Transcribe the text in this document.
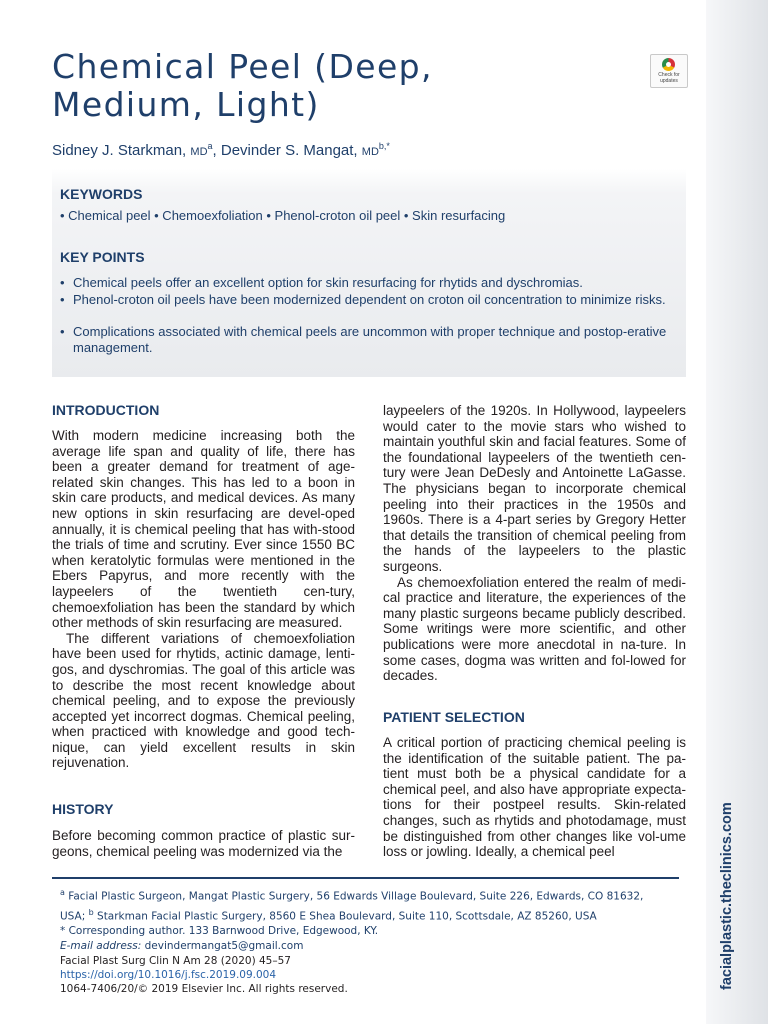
facialplastic.theclinics.com
Chemical Peel (Deep,
Medium, Light)
Check for updates
Sidney J. Starkman, $MD^a$, Devinder S. Mangat, $MD^{b,*}$
KEYWORDS
• Chemical peel • Chemoexfoliation • Phenol-croton oil peel • Skin resurfacing
KEY POINTS
• Chemical peels offer an excellent option for skin resurfacing for rhytids and dyschromias.
• Phenol-croton oil peels have been modernized dependent on croton oil concentration to minimize risks.
• Complications associated with chemical peels are uncommon with proper technique and postop-erative management.
INTRODUCTION

With modern medicine increasing both the average life span and quality of life, there has been a greater demand for treatment of age-related skin changes. This has led to a boon in skin care products, and medical devices. As many new options in skin resurfacing are devel-oped annually, it is chemical peeling that has with-stood the trials of time and scrutiny. Ever since 1550 BC when keratolytic formulas were mentioned in the Ebers Papyrus, and more recently with the laypeelers of the twentieth cen-tury, chemoexfoliation has been the standard by which other methods of skin resurfacing are measured.

The different variations of chemoexfoliation have been used for rhytids, actinic damage, lenti-gos, and dyschromias. The goal of this article was to describe the most recent knowledge about chemical peeling, and to expose the previously accepted yet incorrect dogmas. Chemical peeling, when practiced with knowledge and good tech-nique, can yield excellent results in skin rejuvenation.

HISTORY

Before becoming common practice of plastic sur-geons, chemical peeling was modernized via the

laypeelers of the 1920s. In Hollywood, laypeelers would cater to the movie stars who wished to maintain youthful skin and facial features. Some of the foundational laypeelers of the twentieth cen-tury were Jean DeDesly and Antoinette LaGasse. The physicians began to incorporate chemical peeling into their practices in the 1950s and 1960s. There is a 4-part series by Gregory Hetter that details the transition of chemical peeling from the hands of the laypeelers to the plastic surgeons.

As chemoexfoliation entered the realm of medi-cal practice and literature, the experiences of the many plastic surgeons became publicly described. Some writings were more scientific, and other publications were more anecdotal in na-ture. In some cases, dogma was written and fol-lowed for decades.

PATIENT SELECTION

A critical portion of practicing chemical peeling is the identification of the suitable patient. The pa-tient must both be a physical candidate for a chemical peel, and also have appropriate expecta-tions for their postpeel results. Skin-related changes, such as rhytids and photodamage, must be distinguished from other changes like vol-ume loss or jowling. Ideally, a chemical peel

$^a$ Facial Plastic Surgeon, Mangat Plastic Surgery, 56 Edwards Village Boulevard, Suite 226, Edwards, CO 81632,
USA; $^b$ Starkman Facial Plastic Surgery, 8560 E Shea Boulevard, Suite 110, Scottsdale, AZ 85260, USA
* Corresponding author. 133 Barnwood Drive, Edgewood, KY.
E-mail address: devindermangat5@gmail.com
Facial Plast Surg Clin N Am 28 (2020) 45–57
https://doi.org/10.1016/j.fsc.2019.09.004
1064-7406/20/© 2019 Elsevier Inc. All rights reserved.
